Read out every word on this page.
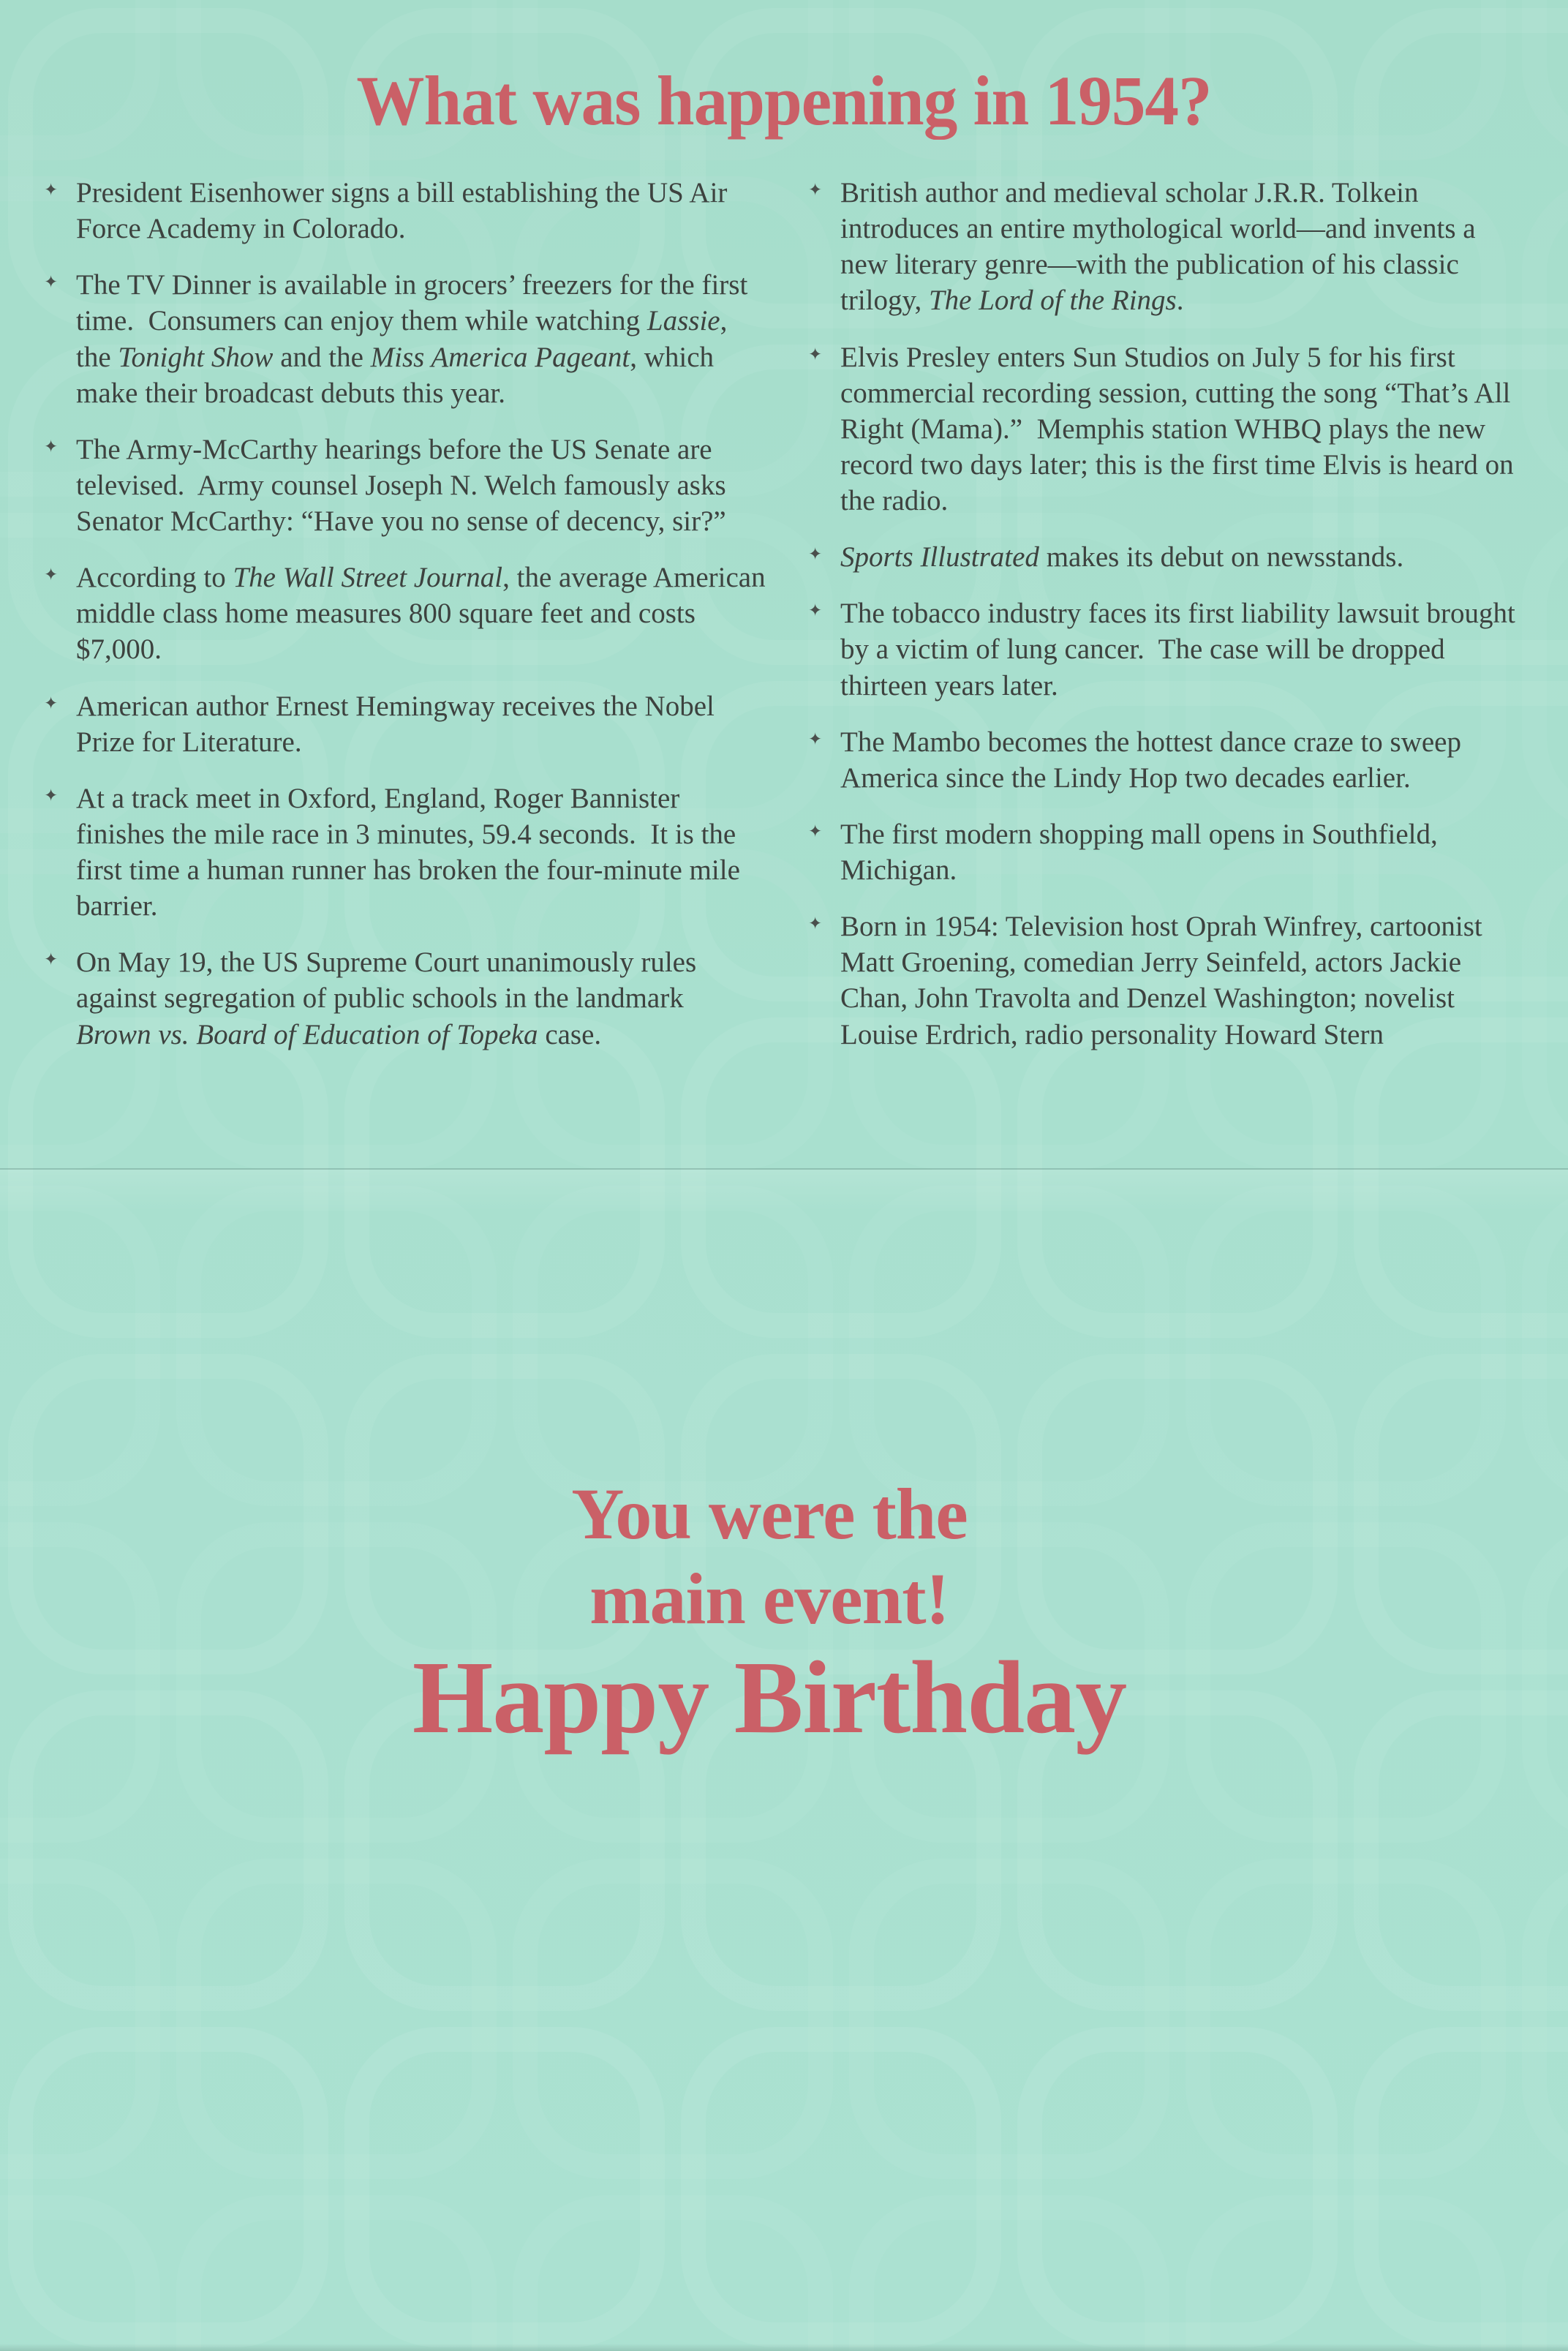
What was happening in 1954?
✦ President Eisenhower signs a bill establishing the US Air Force Academy in Colorado.
✦ The TV Dinner is available in grocers’ freezers for the first time.  Consumers can enjoy them while watching Lassie, the Tonight Show and the Miss America Pageant, which make their broadcast debuts this year.
✦ The Army-McCarthy hearings before the US Senate are televised.  Army counsel Joseph N. Welch famously asks Senator McCarthy: “Have you no sense of decency, sir?”
✦ According to The Wall Street Journal, the average American middle class home measures 800 square feet and costs $7,000.
✦ American author Ernest Hemingway receives the Nobel Prize for Literature.
✦ At a track meet in Oxford, England, Roger Bannister finishes the mile race in 3 minutes, 59.4 seconds.  It is the first time a human runner has broken the four-minute mile barrier.
✦ On May 19, the US Supreme Court unanimously rules against segregation of public schools in the landmark Brown vs. Board of Education of Topeka case.
✦ British author and medieval scholar J.R.R. Tolkein introduces an entire mythological world—and invents a new literary genre—with the publication of his classic trilogy, The Lord of the Rings.
✦ Elvis Presley enters Sun Studios on July 5 for his first commercial recording session, cutting the song “That’s All Right (Mama).”  Memphis station WHBQ plays the new record two days later; this is the first time Elvis is heard on the radio.
✦ Sports Illustrated makes its debut on newsstands.
✦ The tobacco industry faces its first liability lawsuit brought by a victim of lung cancer.  The case will be dropped thirteen years later.
✦ The Mambo becomes the hottest dance craze to sweep America since the Lindy Hop two decades earlier.
✦ The first modern shopping mall opens in Southfield, Michigan.
✦ Born in 1954: Television host Oprah Winfrey, cartoonist Matt Groening, comedian Jerry Seinfeld, actors Jackie Chan, John Travolta and Denzel Washington; novelist Louise Erdrich, radio personality Howard Stern
You were the
main event!
Happy Birthday
